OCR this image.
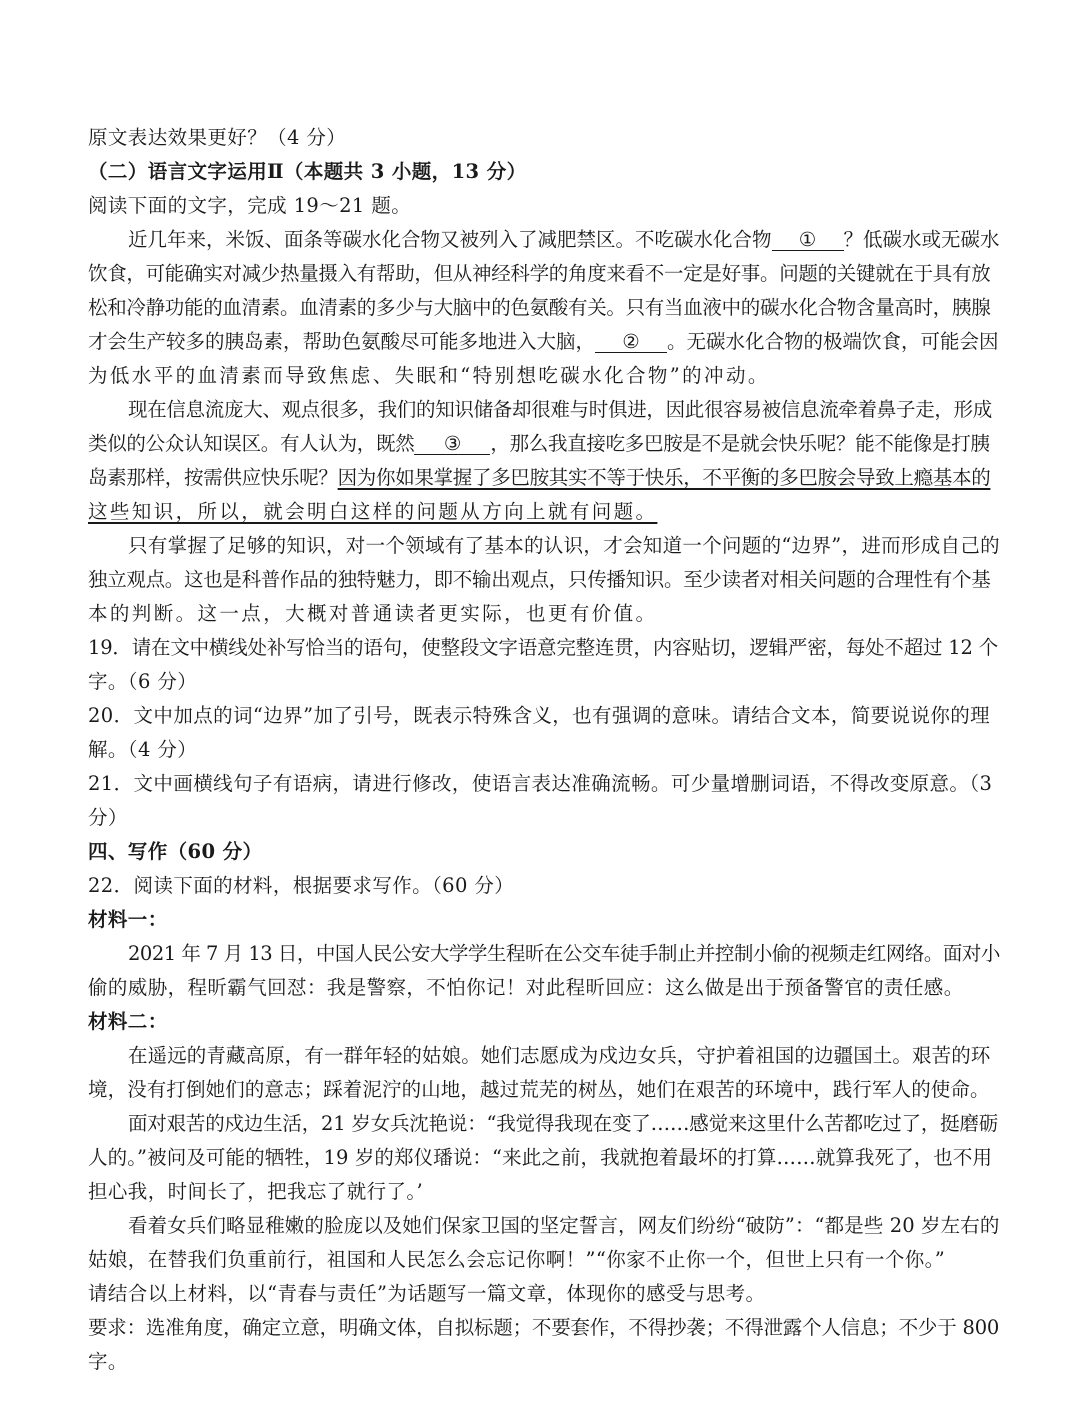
原文表达效果更好？（4 分）
（二）语言文字运用Ⅱ（本题共 3 小题，13 分）
阅读下面的文字，完成 19～21 题。
近几年来，米饭、面条等碳水化合物又被列入了减肥禁区。不吃碳水化合物 ① ？低碳水或无碳水
饮食，可能确实对减少热量摄入有帮助，但从神经科学的角度来看不一定是好事。问题的关键就在于具有放
松和冷静功能的血清素。血清素的多少与大脑中的色氨酸有关。只有当血液中的碳水化合物含量高时，胰腺
才会生产较多的胰岛素，帮助色氨酸尽可能多地进入大脑， ② 。无碳水化合物的极端饮食，可能会因
为低水平的血清素而导致焦虑、失眠和“特别想吃碳水化合物”的冲动。
现在信息流庞大、观点很多，我们的知识储备却很难与时俱进，因此很容易被信息流牵着鼻子走，形成
类似的公众认知误区。有人认为，既然 ③ ，那么我直接吃多巴胺是不是就会快乐呢？能不能像是打胰
岛素那样，按需供应快乐呢？因为你如果掌握了多巴胺其实不等于快乐，不平衡的多巴胺会导致上瘾基本的
这些知识，所以，就会明白这样的问题从方向上就有问题。
只有掌握了足够的知识，对一个领域有了基本的认识，才会知道一个问题的“边界”，进而形成自己的
独立观点。这也是科普作品的独特魅力，即不输出观点，只传播知识。至少读者对相关问题的合理性有个基
本的判断。这一点，大概对普通读者更实际，也更有价值。
19．请在文中横线处补写恰当的语句，使整段文字语意完整连贯，内容贴切，逻辑严密，每处不超过 12 个
字。（6 分）
20．文中加点的词“边界”加了引号，既表示特殊含义，也有强调的意味。请结合文本，简要说说你的理
解。（4 分）
21．文中画横线句子有语病，请进行修改，使语言表达准确流畅。可少量增删词语，不得改变原意。（3
分）
四、写作（60 分）
22．阅读下面的材料，根据要求写作。（60 分）
材料一：
2021 年 7 月 13 日，中国人民公安大学学生程昕在公交车徒手制止并控制小偷的视频走红网络。面对小
偷的威胁，程昕霸气回怼：我是警察，不怕你记！对此程昕回应：这么做是出于预备警官的责任感。
材料二：
在遥远的青藏高原，有一群年轻的姑娘。她们志愿成为戍边女兵，守护着祖国的边疆国土。艰苦的环
境，没有打倒她们的意志；踩着泥泞的山地，越过荒芜的树丛，她们在艰苦的环境中，践行军人的使命。
面对艰苦的戍边生活，21 岁女兵沈艳说：“我觉得我现在变了……感觉来这里什么苦都吃过了，挺磨砺
人的。”被问及可能的牺牲，19 岁的郑仪璠说：“来此之前，我就抱着最坏的打算……就算我死了，也不用
担心我，时间长了，把我忘了就行了。’
看着女兵们略显稚嫩的脸庞以及她们保家卫国的坚定誓言，网友们纷纷“破防”：“都是些 20 岁左右的
姑娘，在替我们负重前行，祖国和人民怎么会忘记你啊！”“你家不止你一个，但世上只有一个你。”
请结合以上材料，以“青春与责任”为话题写一篇文章，体现你的感受与思考。
要求：选准角度，确定立意，明确文体，自拟标题；不要套作，不得抄袭；不得泄露个人信息；不少于 800
字。
